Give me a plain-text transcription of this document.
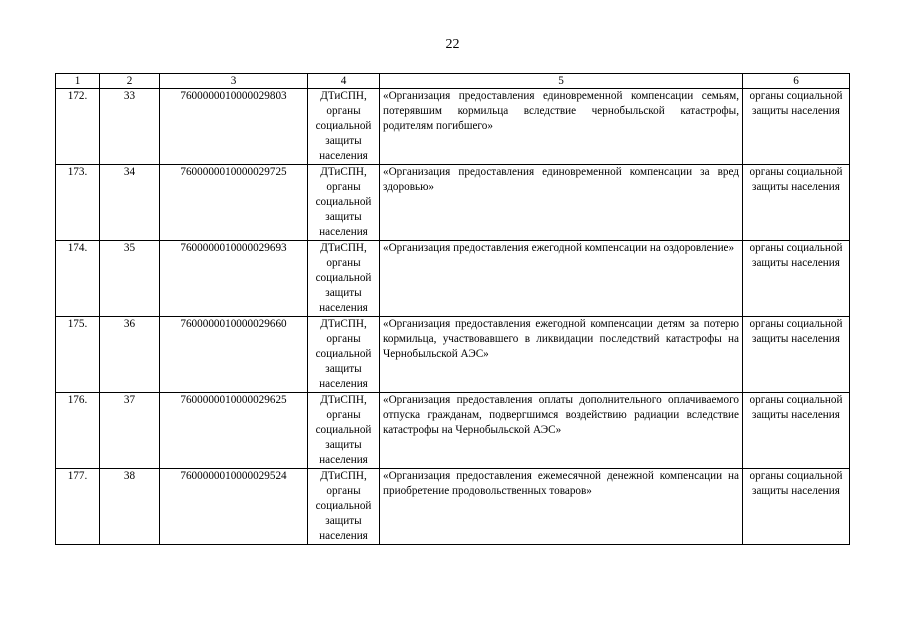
22
1	2	3	4	5	6
172.	33	7600000010000029803	ДТиСПН, органы социальной защиты населения	«Организация предоставления единовременной компенсации семьям, потерявшим кормильца вследствие чернобыльской катастрофы, родителям погибшего»	органы социальной защиты населения
173.	34	7600000010000029725	ДТиСПН, органы социальной защиты населения	«Организация предоставления единовременной компенсации за вред здоровью»	органы социальной защиты населения
174.	35	7600000010000029693	ДТиСПН, органы социальной защиты населения	«Организация предоставления ежегодной компенсации на оздоровление»	органы социальной защиты населения
175.	36	7600000010000029660	ДТиСПН, органы социальной защиты населения	«Организация предоставления ежегодной компенсации детям за потерю кормильца, участвовавшего в ликвидации последствий катастрофы на Чернобыльской АЭС»	органы социальной защиты населения
176.	37	7600000010000029625	ДТиСПН, органы социальной защиты населения	«Организация предоставления оплаты дополнительного оплачиваемого отпуска гражданам, подвергшимся воздействию радиации вследствие катастрофы на Чернобыльской АЭС»	органы социальной защиты населения
177.	38	7600000010000029524	ДТиСПН, органы социальной защиты населения	«Организация предоставления ежемесячной денежной компенсации на приобретение продовольственных товаров»	органы социальной защиты населения
